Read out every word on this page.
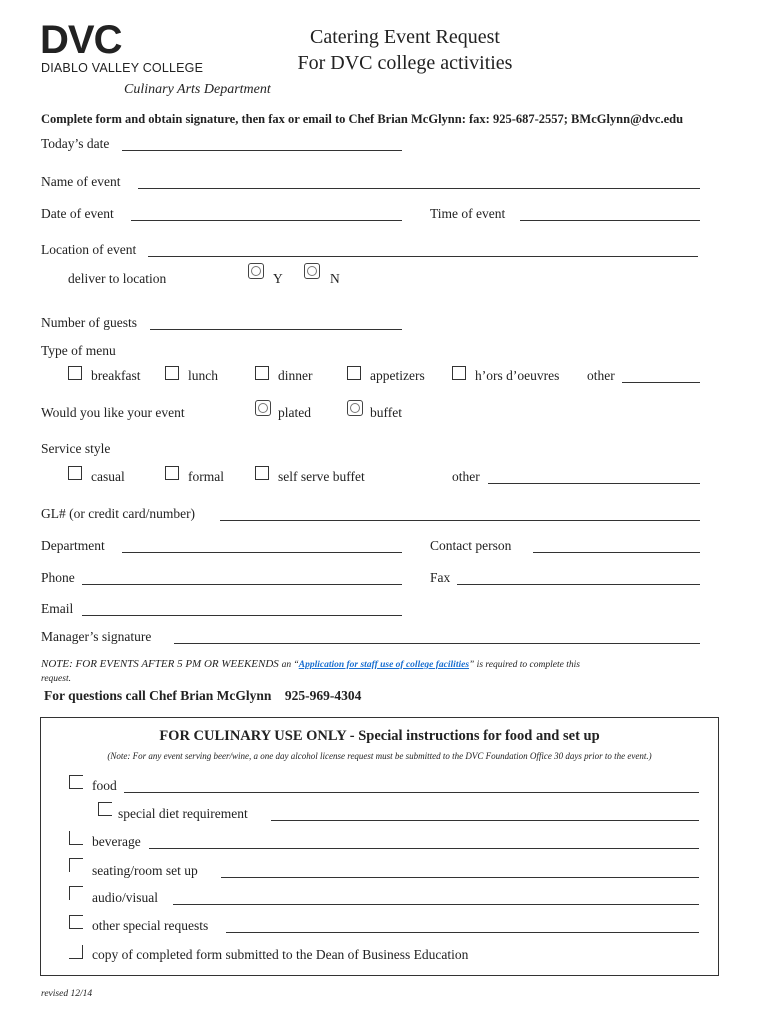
DVC
DIABLO VALLEY COLLEGE
Culinary Arts Department
Catering Event Request
For DVC college activities
Complete form and obtain signature, then fax or email to Chef Brian McGlynn: fax: 925-687-2557; BMcGlynn@dvc.edu
Today’s date
Name of event
Date of event	Time of event
Location of event
deliver to location	Y	N
Number of guests
Type of menu
breakfast	lunch	dinner	appetizers	h’ors d’oeuvres other
Would you like your event	plated	buffet
Service style
casual	formal	self serve buffet	other
GL# (or credit card/number)
Department	Contact person
Phone	Fax
Email
Manager’s signature
NOTE: FOR EVENTS AFTER 5 PM OR WEEKENDS an “Application for staff use of college facilities” is required to complete this
request.
For questions call Chef Brian McGlynn    925-969-4304
FOR CULINARY USE ONLY - Special instructions for food and set up
(Note: For any event serving beer/wine, a one day alcohol license request must be submitted to the DVC Foundation Office 30 days prior to the event.)
food
special diet requirement
beverage
seating/room set up
audio/visual
other special requests
copy of completed form submitted to the Dean of Business Education
revised 12/14
